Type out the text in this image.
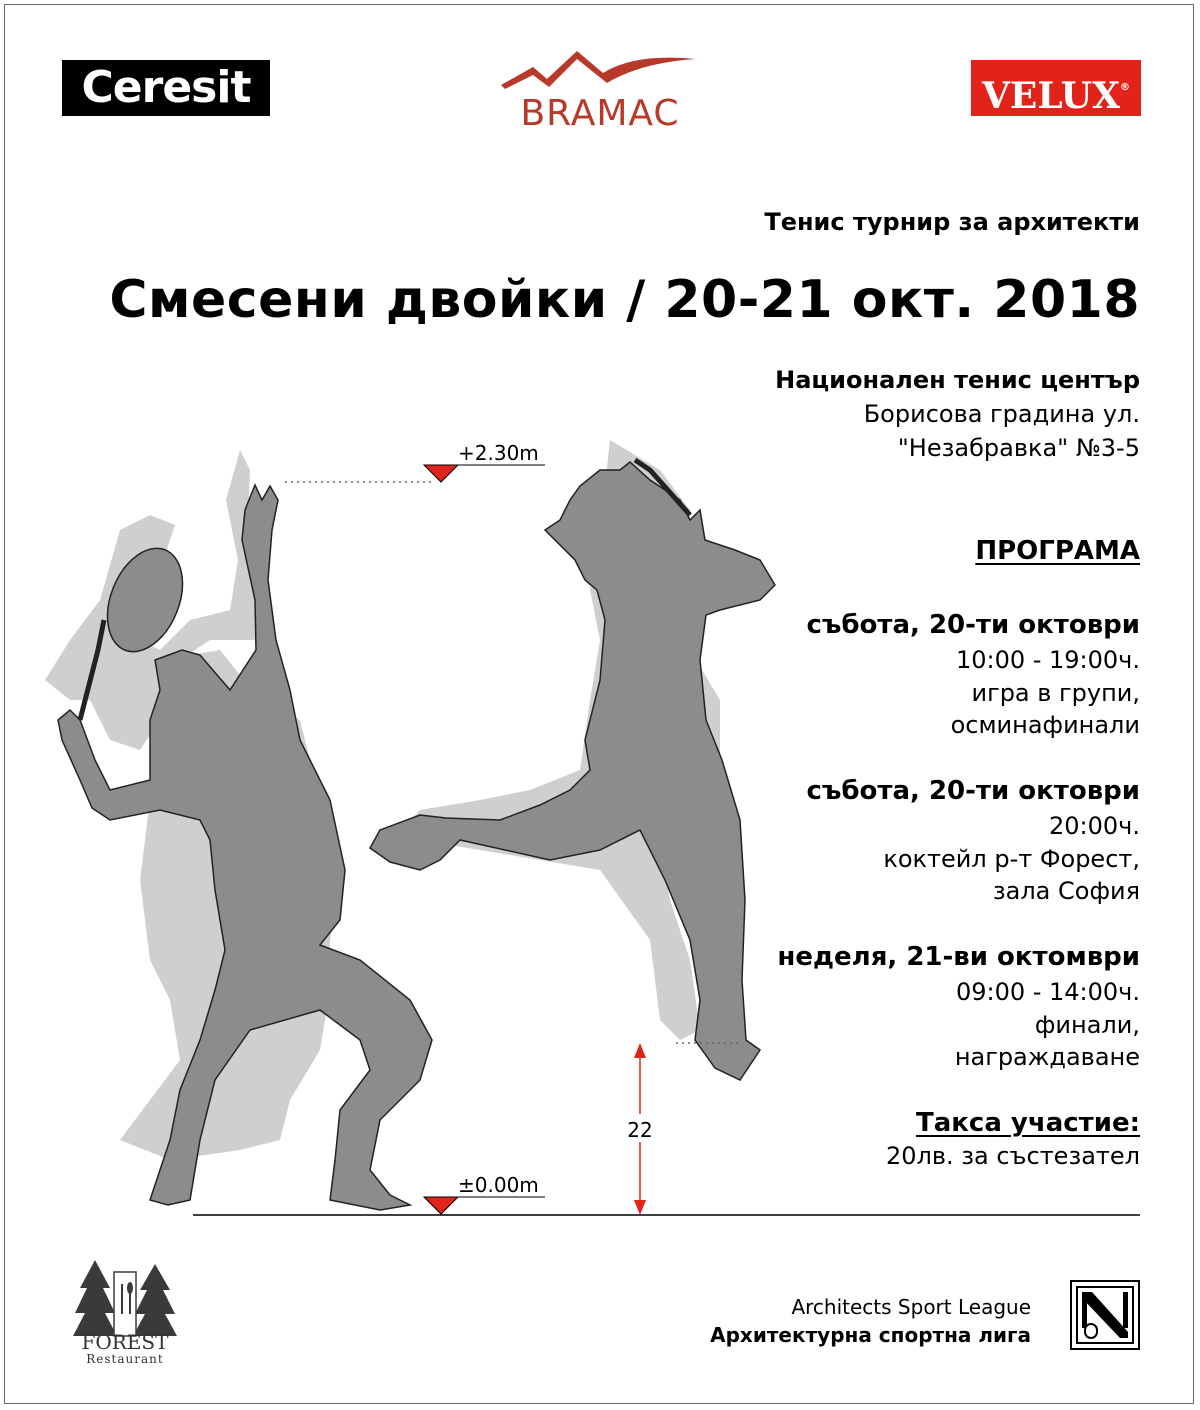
Ceresit
BRAMAC	VELUX®
Тенис турнир за архитекти
Смесени двойки / 20-21 окт. 2018
Национален тенис център
Борисова градина ул.
"Незабравка" №3-5
ПРОГРАМА
събота, 20-ти октоври
10:00 - 19:00ч.
игра в групи,
осминафинали
събота, 20-ти октоври
20:00ч.
коктейл р-т Форест,
зала София
неделя, 21-ви октомври
09:00 - 14:00ч.
финали,
награждаване
Такса участие:
20лв. за състезател
+2.30m
±0.00m
22
FOREST
Restaurant
Architects Sport League
Архитектурна спортна лига
